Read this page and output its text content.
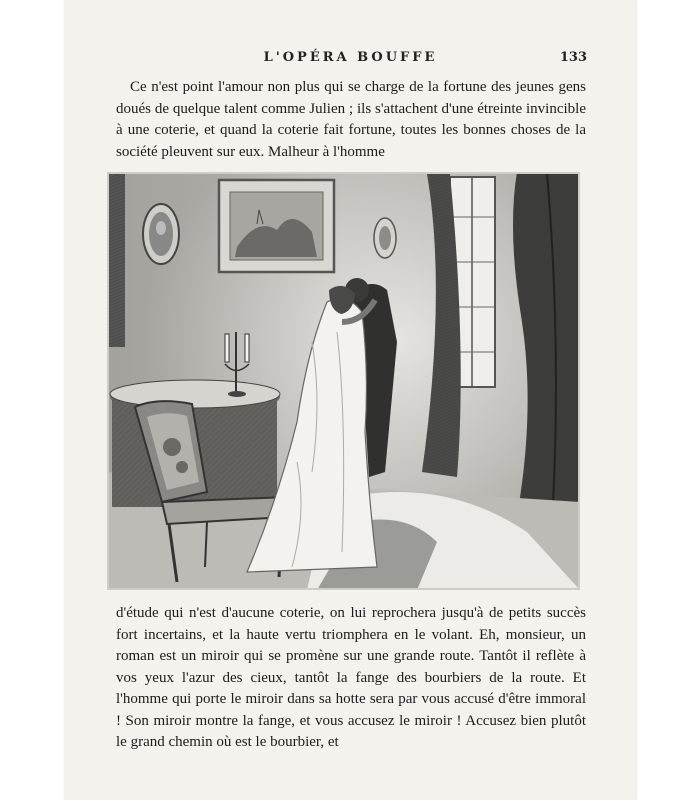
L'OPÉRA BOUFFE	133

Ce n'est point l'amour non plus qui se charge de la fortune des jeunes gens doués de quelque talent comme Julien ; ils s'attachent d'une étreinte invincible à une coterie, et quand la coterie fait fortune, toutes les bonnes choses de la société pleuvent sur eux. Malheur à l'homme

d'étude qui n'est d'aucune coterie, on lui reprochera jusqu'à de petits succès fort incertains, et la haute vertu triomphera en le volant. Eh, monsieur, un roman est un miroir qui se promène sur une grande route. Tantôt il reflète à vos yeux l'azur des cieux, tantôt la fange des bourbiers de la route. Et l'homme qui porte le miroir dans sa hotte sera par vous accusé d'être immoral ! Son miroir montre la fange, et vous accusez le miroir ! Accusez bien plutôt le grand chemin où est le bourbier, et
